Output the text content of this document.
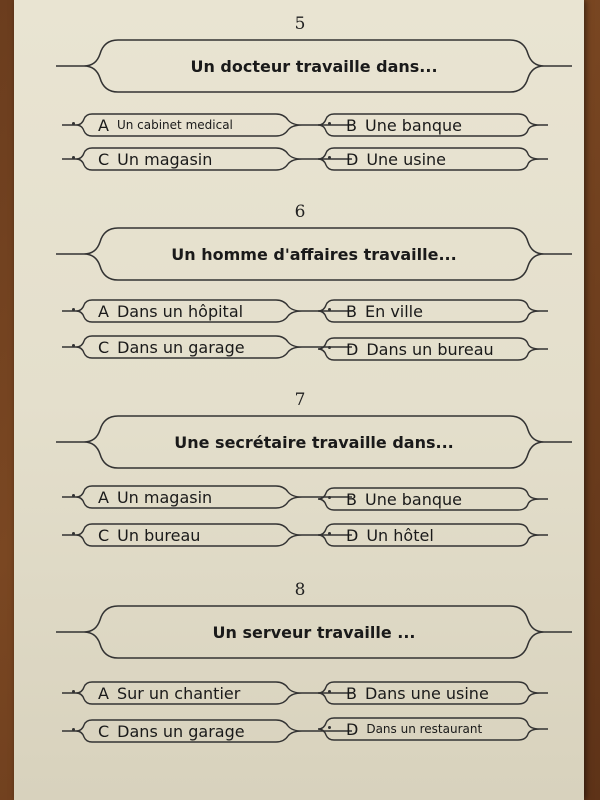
5
Un docteur travaille dans...
A Un cabinet medical	B Une banque
C Un magasin	D Une usine
6
Un homme d'affaires travaille...
A Dans un hôpital	B En ville
C Dans un garage	D Dans un bureau
7
Une secrétaire travaille dans...
A Un magasin	B Une banque
C Un bureau	D Un hôtel
8
Un serveur travaille ...
A Sur un chantier	B Dans une usine
C Dans un garage	D Dans un restaurant
